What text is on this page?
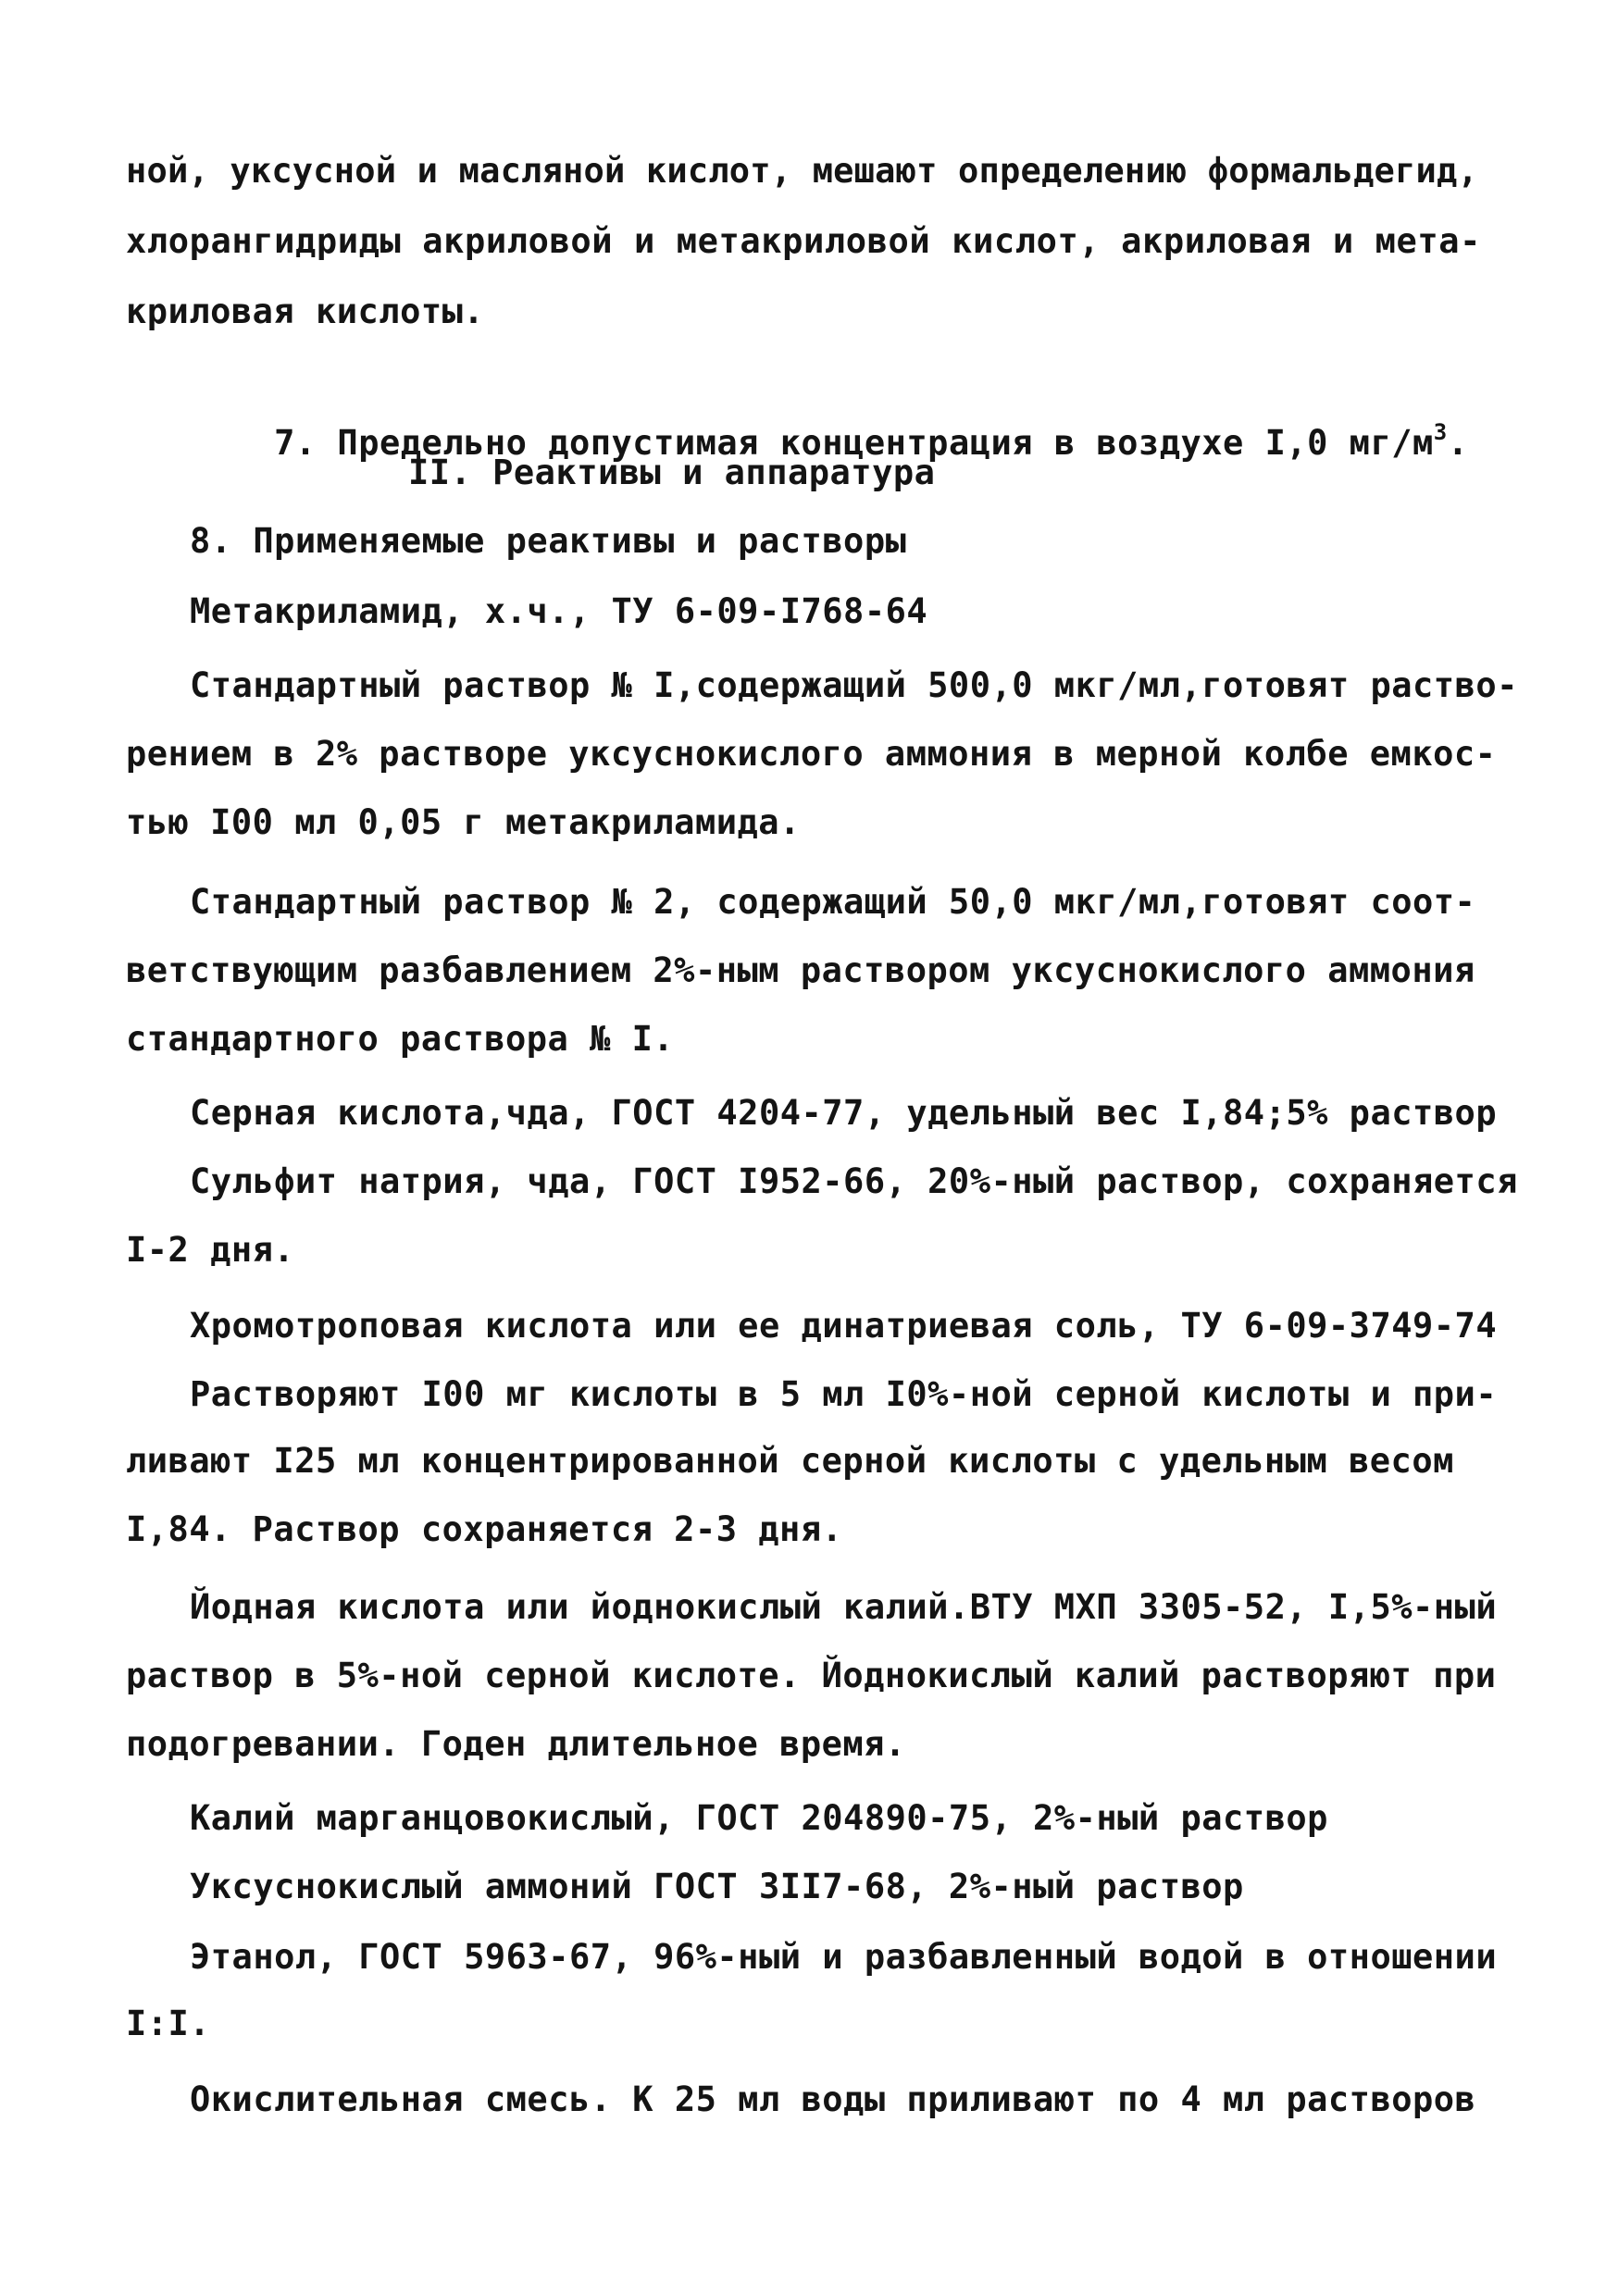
ной, уксусной и масляной кислот, мешают определению формальдегид,
хлорангидриды акриловой и метакриловой кислот, акриловая и мета-
криловая кислоты.

7. Предельно допустимая концентрация в воздухе I,0 $мг/м^3$.

II. Реактивы и аппаратура
8. Применяемые реактивы и растворы
Метакриламид, х.ч., ТУ 6-09-I768-64
Стандартный раствор № I,содержащий 500,0 мкг/мл,готовят раство-
рением в 2% растворе уксуснокислого аммония в мерной колбе емкос-
тью I00 мл 0,05 г метакриламида.
Стандартный раствор № 2, содержащий 50,0 мкг/мл,готовят соот-
ветствующим разбавлением 2%-ным раствором уксуснокислого аммония
стандартного раствора № I.
Серная кислота,чда, ГОСТ 4204-77, удельный вес I,84;5% раствор
Сульфит натрия, чда, ГОСТ I952-66, 20%-ный раствор, сохраняется
I-2 дня.
Хромотроповая кислота или ее динатриевая соль, ТУ 6-09-3749-74
Растворяют I00 мг кислоты в 5 мл I0%-ной серной кислоты и при-
ливают I25 мл концентрированной серной кислоты с удельным весом
I,84. Раствор сохраняется 2-3 дня.
Йодная кислота или йоднокислый калий.ВТУ МХП 3305-52, I,5%-ный
раствор в 5%-ной серной кислоте. Йоднокислый калий растворяют при
подогревании. Годен длительное время.
Калий марганцовокислый, ГОСТ 204890-75, 2%-ный раствор
Уксуснокислый аммоний ГОСТ 3II7-68, 2%-ный раствор
Этанол, ГОСТ 5963-67, 96%-ный и разбавленный водой в отношении
I:I.
Окислительная смесь. К 25 мл воды приливают по 4 мл растворов
